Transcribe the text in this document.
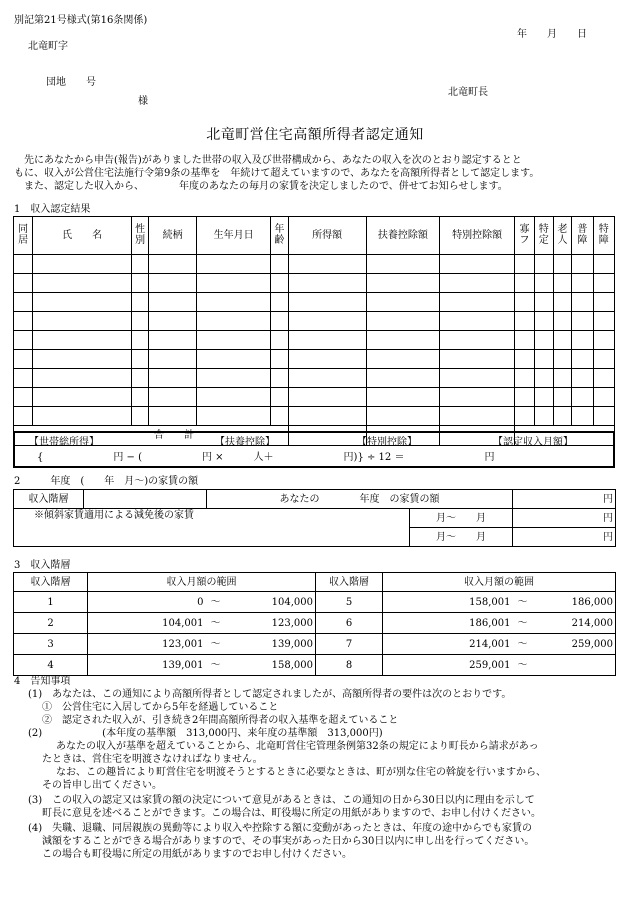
別記第21号様式(第16条関係)
年　　月　　日
北竜町字
団地　　号
様
北竜町長
北竜町営住宅高額所得者認定通知
　先にあなたから申告(報告)がありました世帯の収入及び世帯構成から、あなたの収入を次のとおり認定するとと
もに、収入が公営住宅法施行令第9条の基準を　年続けて超えていますので、あなたを高額所得者として認定します。
　また、認定した収入から、　　　　年度のあなたの毎月の家賃を決定しましたので、併せてお知らせします。
1　収入認定結果
同居	氏　　名	性別	続柄	生年月日	年齢	所得額	扶養控除額	特別控除額	寡フ	特定	老人	普障	特障

合　　計													
【世帯総所得】	【扶養控除】	【特別控除】	【認定収入月額】
{　　　　　　　円 − (　　　　　　円 ×　　　人＋　　　　　　　円)} ÷ 12 ＝　　　　　　　　円
2　　　年度　(　　年　月〜)の家賃の額
収入階層		あなたの　　　　年度　の家賃の額		円
※傾斜家賃適用による減免後の家賃			月〜　　月	円
			月〜　　月	円
3　収入階層
収入階層	収入月額の範囲				収入階層	収入月額の範囲			
1		0	〜	104,000	5		158,001	〜	186,000
2		104,001	〜	123,000	6		186,001	〜	214,000
3		123,001	〜	139,000	7		214,001	〜	259,000
4		139,001	〜	158,000	8		259,001	〜	
4　告知事項
(1)　あなたは、この通知により高額所得者として認定されましたが、高額所得者の要件は次のとおりです。
①　公営住宅に入居してから5年を経過していること
②　認定された収入が、引き続き2年間高額所得者の収入基準を超えていること
(2)　　　　　　(本年度の基準額　313,000円、来年度の基準額　313,000円)
あなたの収入が基準を超えていることから、北竜町営住宅管理条例第32条の規定により町長から請求があっ
たときは、営住宅を明渡さなければなりません。
なお、この趣旨により町営住宅を明渡そうとするときに必要なときは、町が別な住宅の斡旋を行いますから、
その旨申し出てください。
(3)　この収入の認定又は家賃の額の決定について意見があるときは、この通知の日から30日以内に理由を示して
町長に意見を述べることができます。この場合は、町役場に所定の用紙がありますので、お申し付けください。
(4)　失職、退職、同居親族の異動等により収入や控除する額に変動があったときは、年度の途中からでも家賃の
減額をすることができる場合がありますので、その事実があった日から30日以内に申し出を行ってください。
この場合も町役場に所定の用紙がありますのでお申し付けください。
